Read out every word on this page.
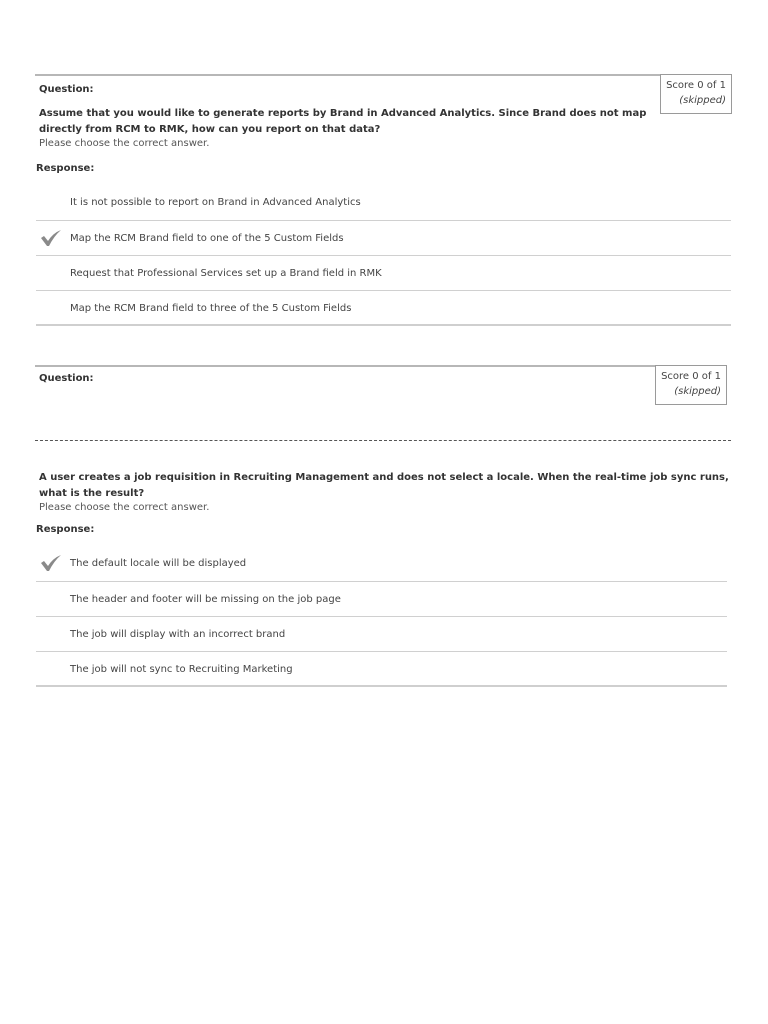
Score 0 of 1
(skipped)
Question:
Assume that you would like to generate reports by Brand in Advanced Analytics. Since Brand does not map
directly from RCM to RMK, how can you report on that data?
Please choose the correct answer.
Response:
It is not possible to report on Brand in Advanced Analytics
Map the RCM Brand field to one of the 5 Custom Fields
Request that Professional Services set up a Brand field in RMK
Map the RCM Brand field to three of the 5 Custom Fields
Score 0 of 1
(skipped)
Question:
A user creates a job requisition in Recruiting Management and does not select a locale. When the real-time job sync runs,
what is the result?
Please choose the correct answer.
Response:
The default locale will be displayed
The header and footer will be missing on the job page
The job will display with an incorrect brand
The job will not sync to Recruiting Marketing
